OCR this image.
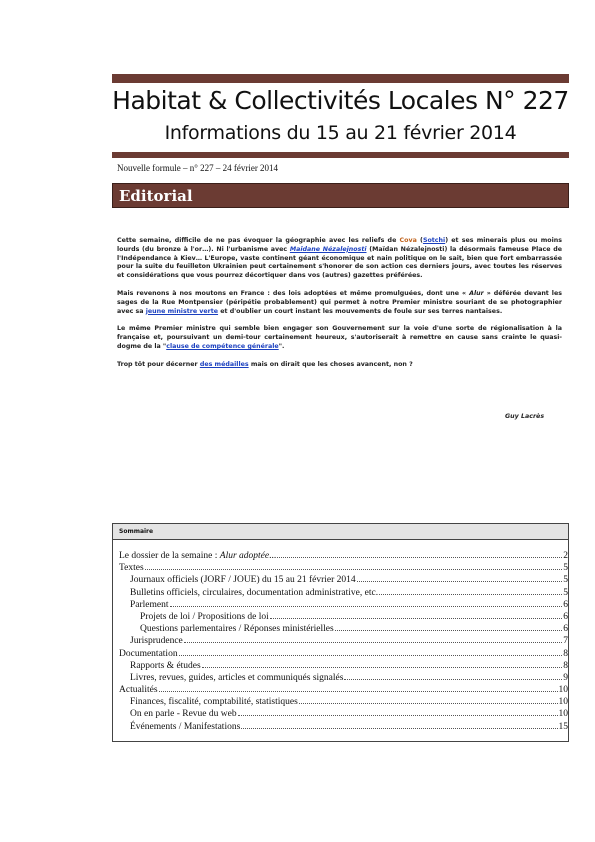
Habitat & Collectivités Locales N° 227
Informations du 15 au 21 février 2014
Nouvelle formule – n° 227 – 24 février 2014
Editorial

Cette semaine, difficile de ne pas évoquer la géographie avec les reliefs de Cova (Sotchi) et ses minerais plus ou moins lourds (du bronze à l'or…). Ni l'urbanisme avec Maïdane Nézalejnosti (Maïdan Nézalejnosti) la désormais fameuse Place de l'Indépendance à Kiev… L'Europe, vaste continent géant économique et nain politique on le sait, bien que fort embarrassée pour la suite du feuilleton Ukrainien peut certainement s'honorer de son action ces derniers jours, avec toutes les réserves et considérations que vous pourrez décortiquer dans vos (autres) gazettes préférées.

Mais revenons à nos moutons en France : des lois adoptées et même promulguées, dont une « Alur » déférée devant les sages de la Rue Montpensier (péripétie probablement) qui permet à notre Premier ministre souriant de se photographier avec sa jeune ministre verte et d'oublier un court instant les mouvements de foule sur ses terres nantaises.

Le même Premier ministre qui semble bien engager son Gouvernement sur la voie d'une sorte de régionalisation à la française et, poursuivant un demi-tour certainement heureux, s'autoriserait à remettre en cause sans crainte le quasi-dogme de la "clause de compétence générale".

Trop tôt pour décerner des médailles mais on dirait que les choses avancent, non ?

Guy Lacrès
Sommaire
Le dossier de la semaine : Alur adoptée...	2
Textes	5
Journaux officiels (JORF / JOUE) du 15 au 21 février 2014	5
Bulletins officiels, circulaires, documentation administrative, etc.	5
Parlement	6
Projets de loi / Propositions de loi	6
Questions parlementaires / Réponses ministérielles	6
Jurisprudence	7
Documentation	8
Rapports & études	8
Livres, revues, guides, articles et communiqués signalés	9
Actualités	10
Finances, fiscalité, comptabilité, statistiques	10
On en parle - Revue du web	10
Événements / Manifestations	15
